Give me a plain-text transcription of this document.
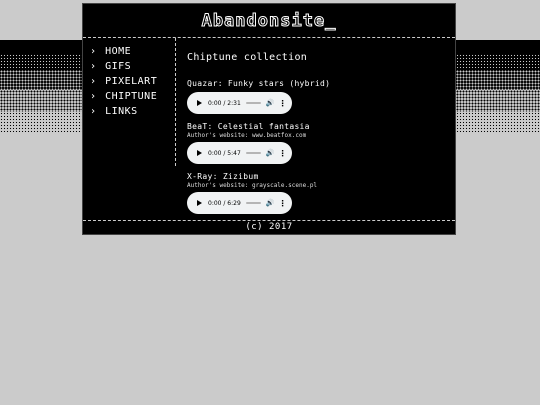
Abandonsite_
› HOME
› GIFS
› PIXELART
› CHIPTUNE
› LINKS
Chiptune collection
Quazar: Funky stars (hybrid)
0:00 / 2:31	🔊 ⋮
BeaT: Celestial fantasia
Author's website: www.beatfox.com
0:00 / 5:47	🔊 ⋮
X-Ray: Zizibum
Author's website: grayscale.scene.pl
0:00 / 6:29	🔊 ⋮
(c) 2017
